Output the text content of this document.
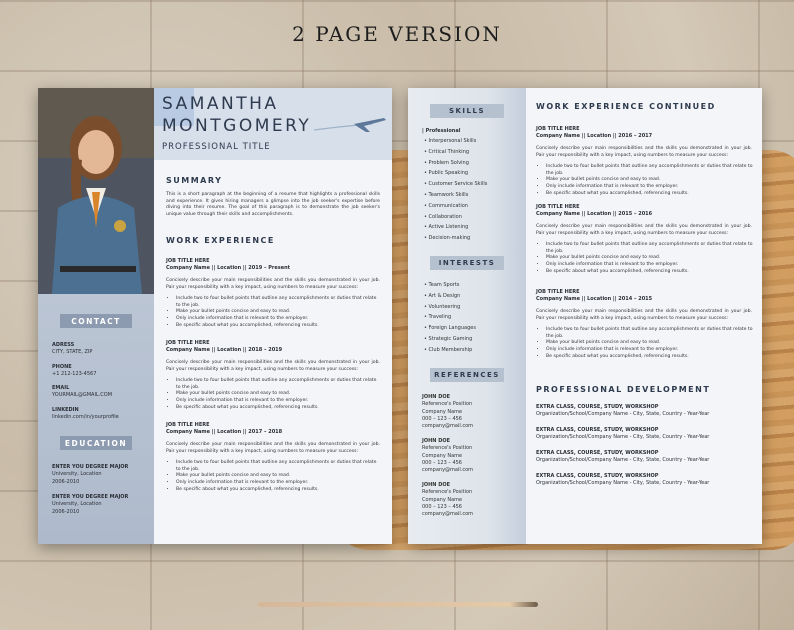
2 PAGE VERSION
SAMANTHA
MONTGOMERY
PROFESSIONAL TITLE
CONTACT
ADRESS
CITY, STATE, ZIP
PHONE
+1 212-123-4567
EMAIL
YOURMAIL@GMAIL.COM
LINKEDIN
linkedin.com/in/yourprofile
EDUCATION
ENTER YOU DEGREE MAJOR
University, Location
2006-2010
ENTER YOU DEGREE MAJOR
University, Location
2006-2010
SUMMARY
This is a short paragraph at the beginning of a resume that highlights a professional skills and experience. It gives hiring managers a glimpse into the job seeker's expertise before diving into their resume. The goal of this paragraph is to demonstrate the job seeker's unique value through their skills and accomplishments.
WORK EXPERIENCE
JOB TITLE HERE
Company Name || Location || 2019 – Present
Concisely describe your main responsibilities and the skills you demonstrated in your job. Pair your responsibility with a key impact, using numbers to measure your success:
• Include two to four bullet points that outline any accomplishments or duties that relate to the job.
• Make your bullet points concise and easy to read.
• Only include information that is relevant to the employer.
• Be specific about what you accomplished, referencing results.
JOB TITLE HERE
Company Name || Location || 2018 – 2019
Concisely describe your main responsibilities and the skills you demonstrated in your job. Pair your responsibility with a key impact, using numbers to measure your success:
• Include two to four bullet points that outline any accomplishments or duties that relate to the job.
• Make your bullet points concise and easy to read.
• Only include information that is relevant to the employer.
• Be specific about what you accomplished, referencing results.
JOB TITLE HERE
Company Name || Location || 2017 – 2018
Concisely describe your main responsibilities and the skills you demonstrated in your job. Pair your responsibility with a key impact, using numbers to measure your success:
• Include two to four bullet points that outline any accomplishments or duties that relate to the job.
• Make your bullet points concise and easy to read.
• Only include information that is relevant to the employer.
• Be specific about what you accomplished, referencing results.
SKILLS
| Professional
• Interpersonal Skills
• Critical Thinking
• Problem Solving
• Public Speaking
• Customer Service Skills
• Teamwork Skills
• Communication
• Collaboration
• Active Listening
• Decision-making
INTERESTS
• Team Sports
• Art & Design
• Volunteering
• Traveling
• Foreign Languages
• Strategic Gaming
• Club Membership
REFERENCES
JOHN DOE
Reference's Position
Company Name
000 – 123 – 456
company@mail.com
JOHN DOE
Reference's Position
Company Name
000 – 123 – 456
company@mail.com
JOHN DOE
Reference's Position
Company Name
000 – 123 – 456
company@mail.com
WORK EXPERIENCE CONTINUED
JOB TITLE HERE
Company Name || Location || 2016 – 2017
Concisely describe your main responsibilities and the skills you demonstrated in your job. Pair your responsibility with a key impact, using numbers to measure your success:
• Include two to four bullet points that outline any accomplishments or duties that relate to the job.
• Make your bullet points concise and easy to read.
• Only include information that is relevant to the employer.
• Be specific about what you accomplished, referencing results.
JOB TITLE HERE
Company Name || Location || 2015 – 2016
Concisely describe your main responsibilities and the skills you demonstrated in your job. Pair your responsibility with a key impact, using numbers to measure your success:
• Include two to four bullet points that outline any accomplishments or duties that relate to the job.
• Make your bullet points concise and easy to read.
• Only include information that is relevant to the employer.
• Be specific about what you accomplished, referencing results.
JOB TITLE HERE
Company Name || Location || 2014 – 2015
Concisely describe your main responsibilities and the skills you demonstrated in your job. Pair your responsibility with a key impact, using numbers to measure your success:
• Include two to four bullet points that outline any accomplishments or duties that relate to the job.
• Make your bullet points concise and easy to read.
• Only include information that is relevant to the employer.
• Be specific about what you accomplished, referencing results.
PROFESSIONAL DEVELOPMENT
EXTRA CLASS, COURSE, STUDY, WORKSHOP
Organization/School/Company Name - City, State, Country - Year-Year
EXTRA CLASS, COURSE, STUDY, WORKSHOP
Organization/School/Company Name - City, State, Country - Year-Year
EXTRA CLASS, COURSE, STUDY, WORKSHOP
Organization/School/Company Name - City, State, Country - Year-Year
EXTRA CLASS, COURSE, STUDY, WORKSHOP
Organization/School/Company Name - City, State, Country - Year-Year
